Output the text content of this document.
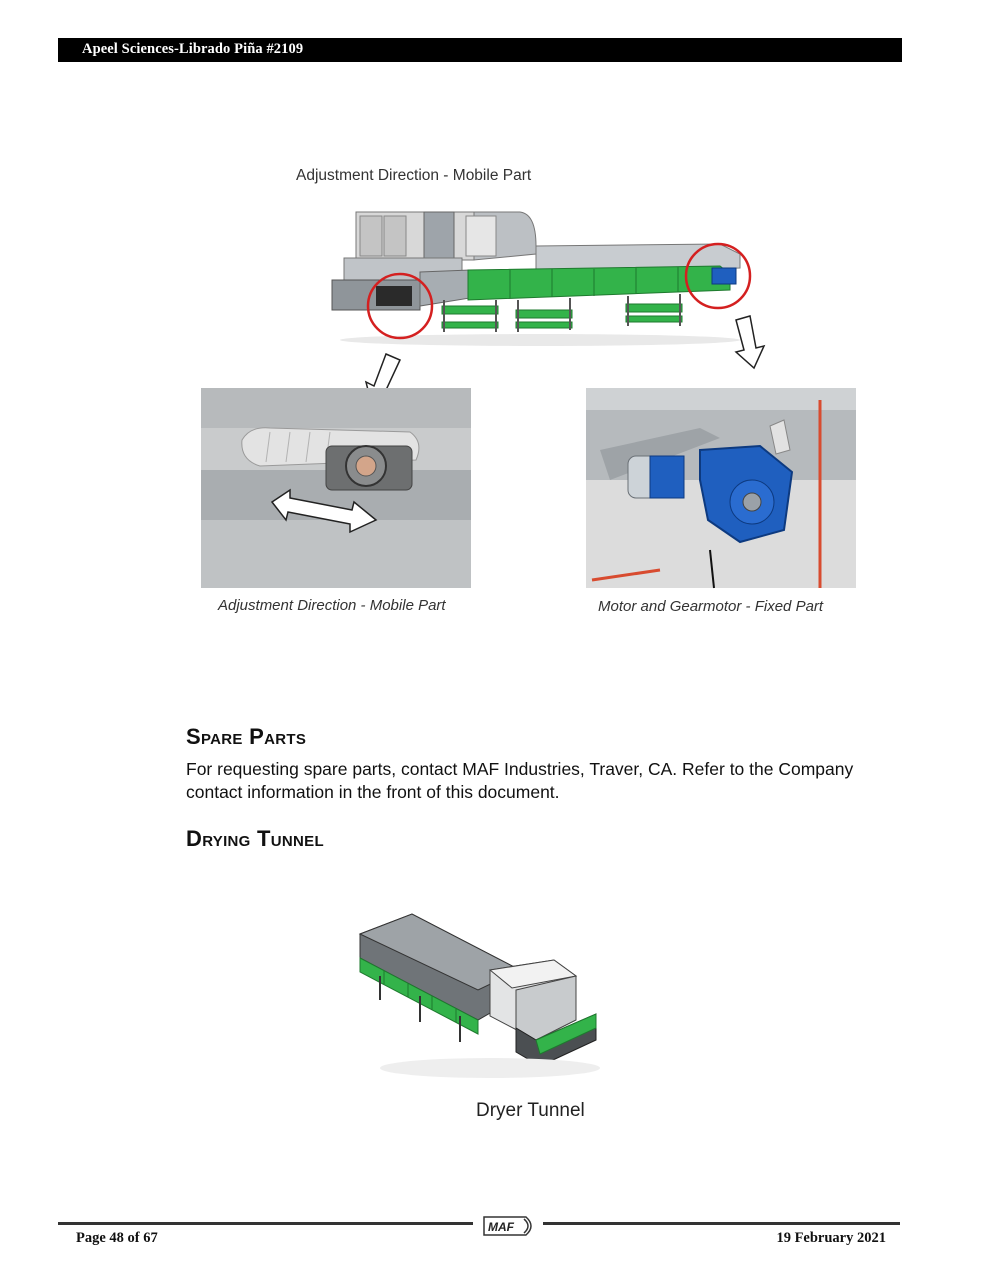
Apeel Sciences-Librado Piña #2109
Adjustment Direction - Mobile Part
Adjustment Direction - Mobile Part	Motor and Gearmotor - Fixed Part
Spare Parts
For requesting spare parts, contact MAF Industries, Traver, CA. Refer to the Company contact information in the front of this document.
Drying Tunnel
Dryer Tunnel
MAF
Page 48 of 67	19 February 2021
